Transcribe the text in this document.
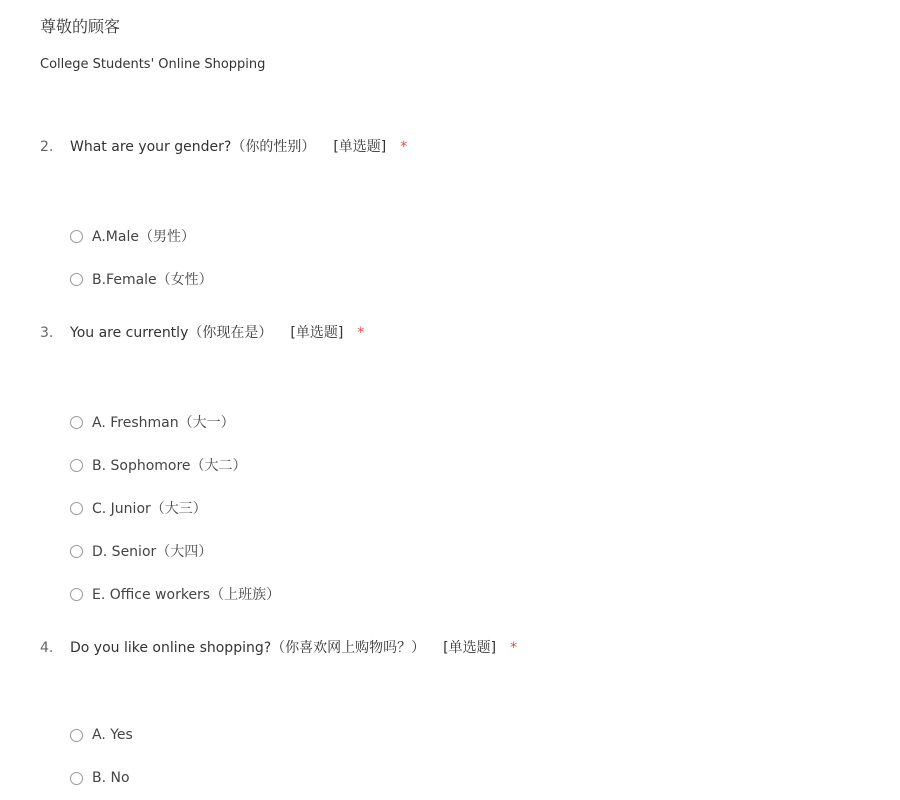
尊敬的顾客
College Students' Online Shopping
2.	What are your gender?（你的性别） [单选题] *
A.Male（男性）
B.Female（女性）
3.	You are currently（你现在是） [单选题] *
A. Freshman（大一）
B. Sophomore（大二）
C. Junior（大三）
D. Senior（大四）
E. Office workers（上班族）
4.	Do you like online shopping?（你喜欢网上购物吗？） [单选题] *
A. Yes
B. No
